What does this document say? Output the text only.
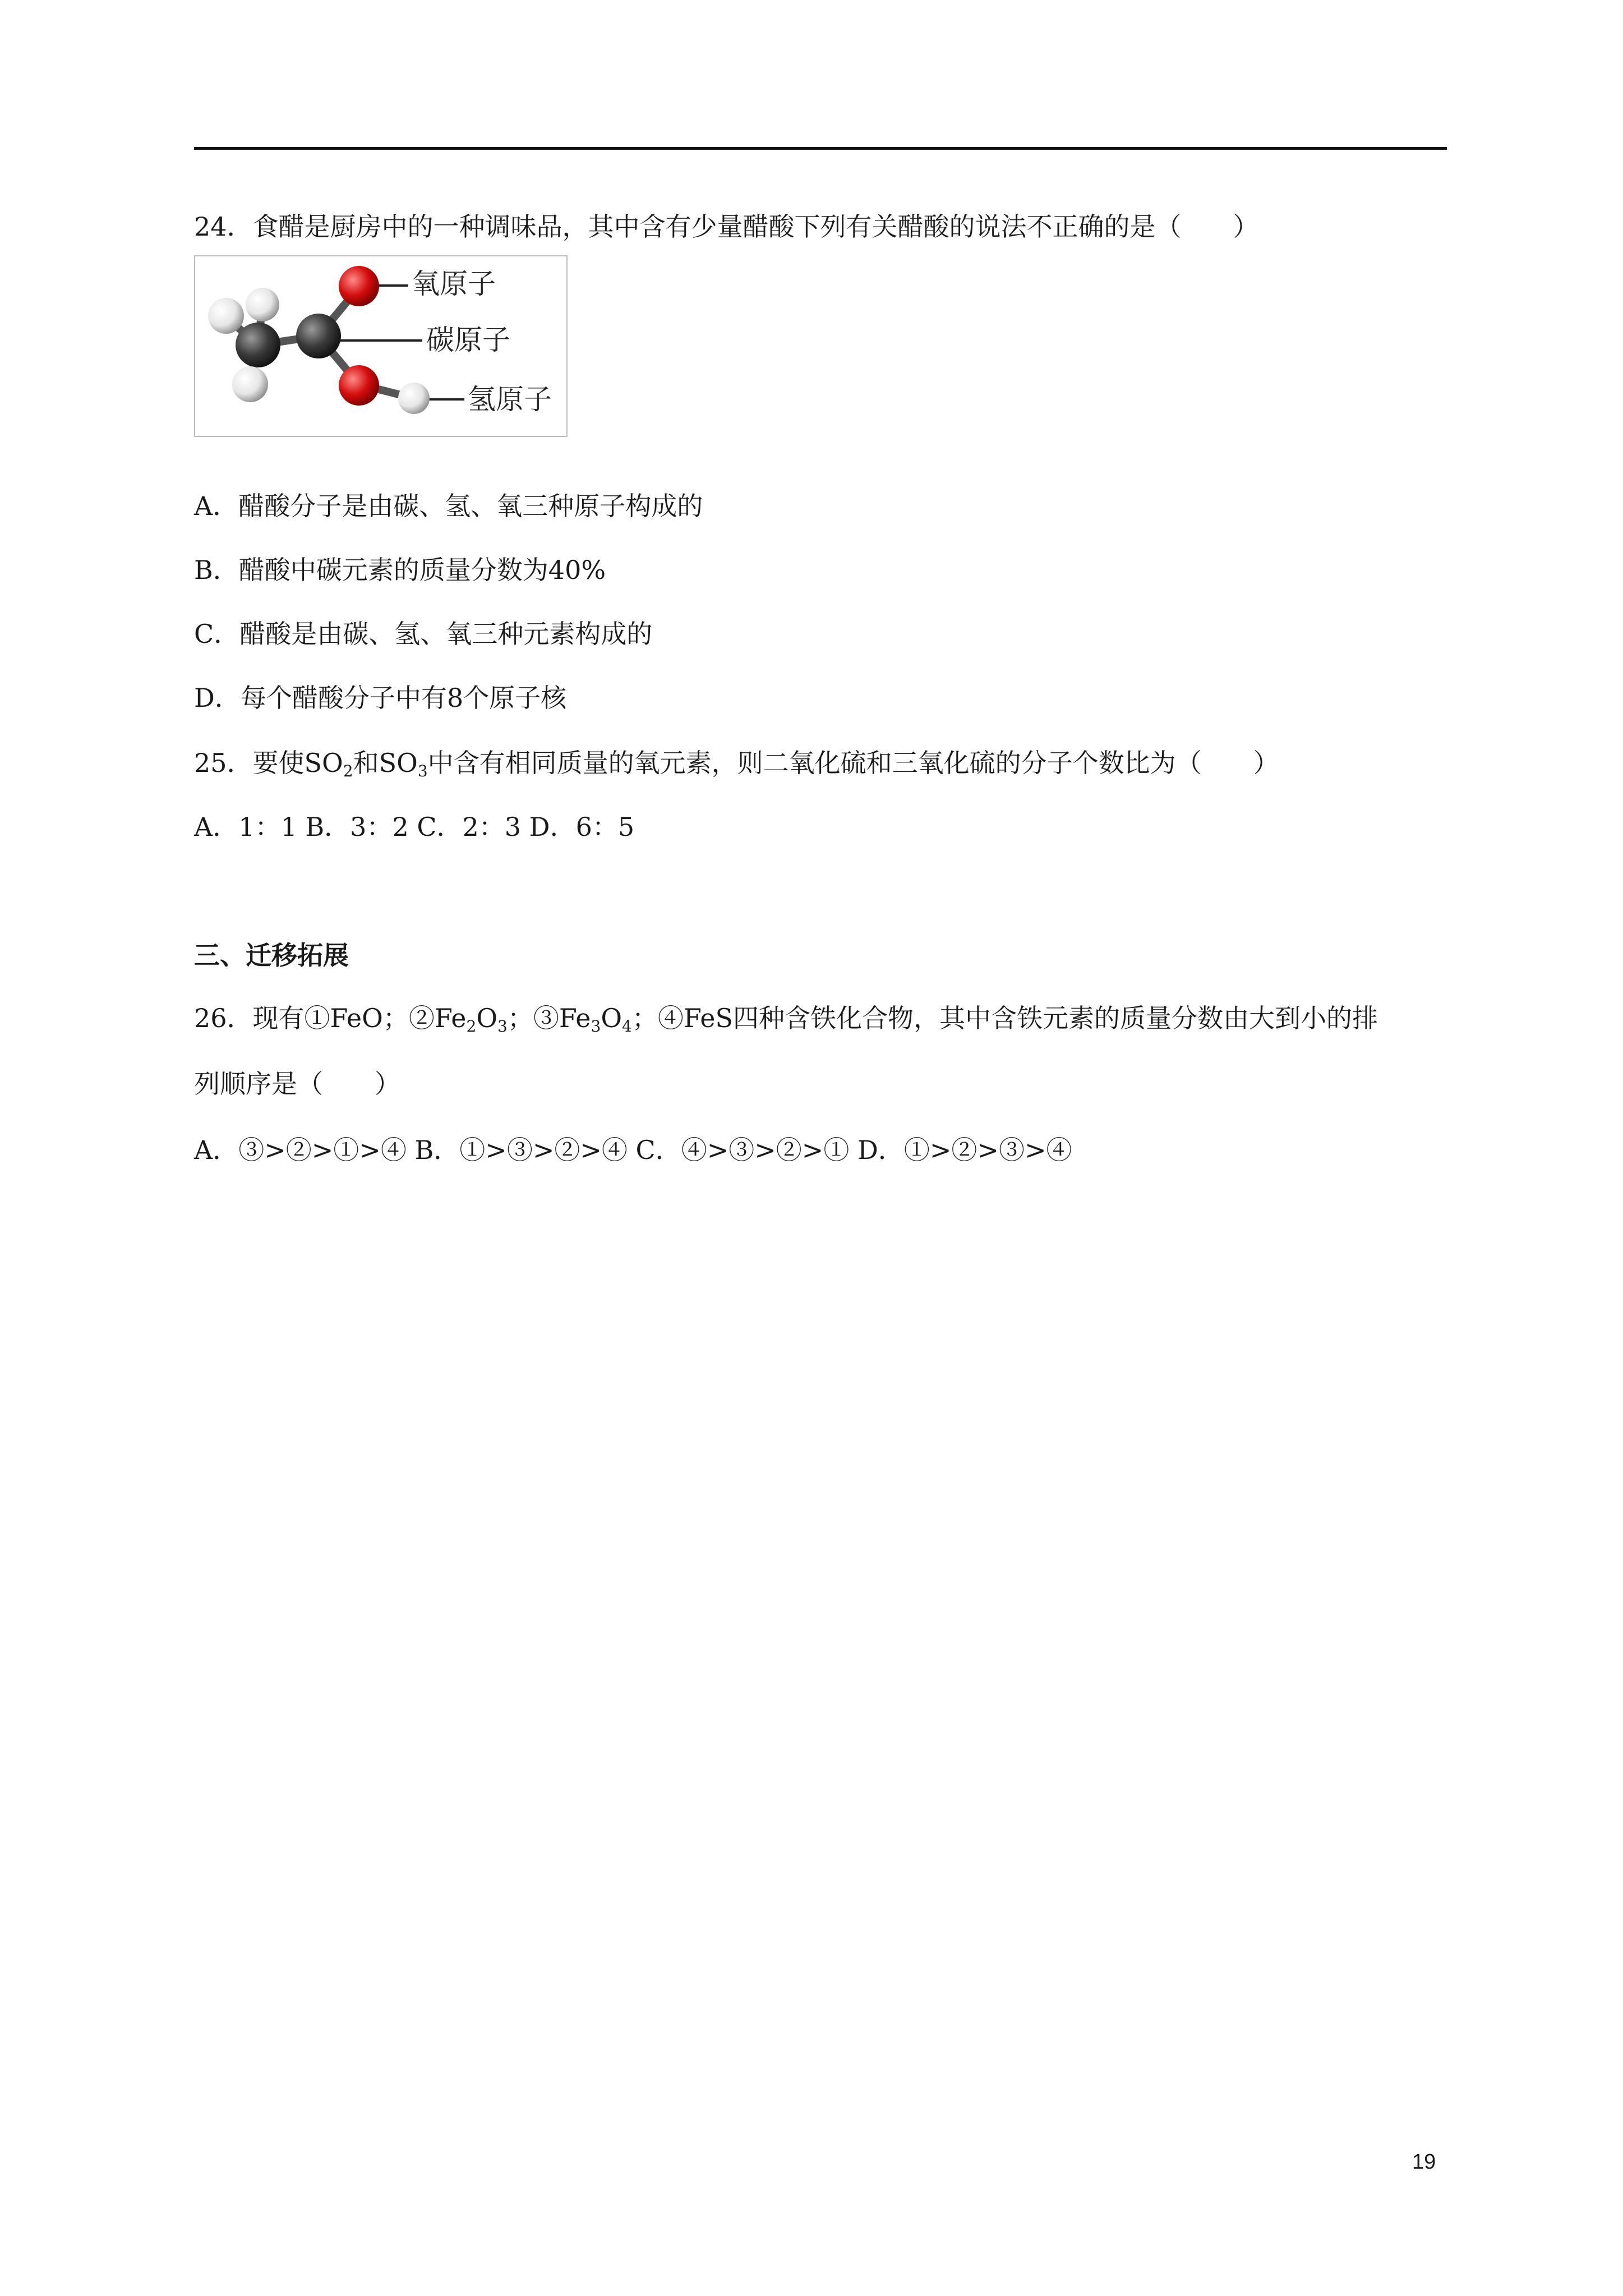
24．食醋是厨房中的一种调味品，其中含有少量醋酸下列有关醋酸的说法不正确的是（　　）
氧原子
碳原子
氢原子
A．醋酸分子是由碳、氢、氧三种原子构成的
B．醋酸中碳元素的质量分数为40%
C．醋酸是由碳、氢、氧三种元素构成的
D．每个醋酸分子中有8个原子核
25．要使$SO_2$和$SO_3$中含有相同质量的氧元素，则二氧化硫和三氧化硫的分子个数比为（　　）
A．1：1 B．3：2 C．2：3 D．6：5
三、迁移拓展
26．现有①FeO；$②Fe_2O_3$；$③Fe_3O_4$；④FeS四种含铁化合物，其中含铁元素的质量分数由大到小的排
列顺序是（　　）
A．③>②>①>④ B．①>③>②>④ C．④>③>②>① D．①>②>③>④
19
